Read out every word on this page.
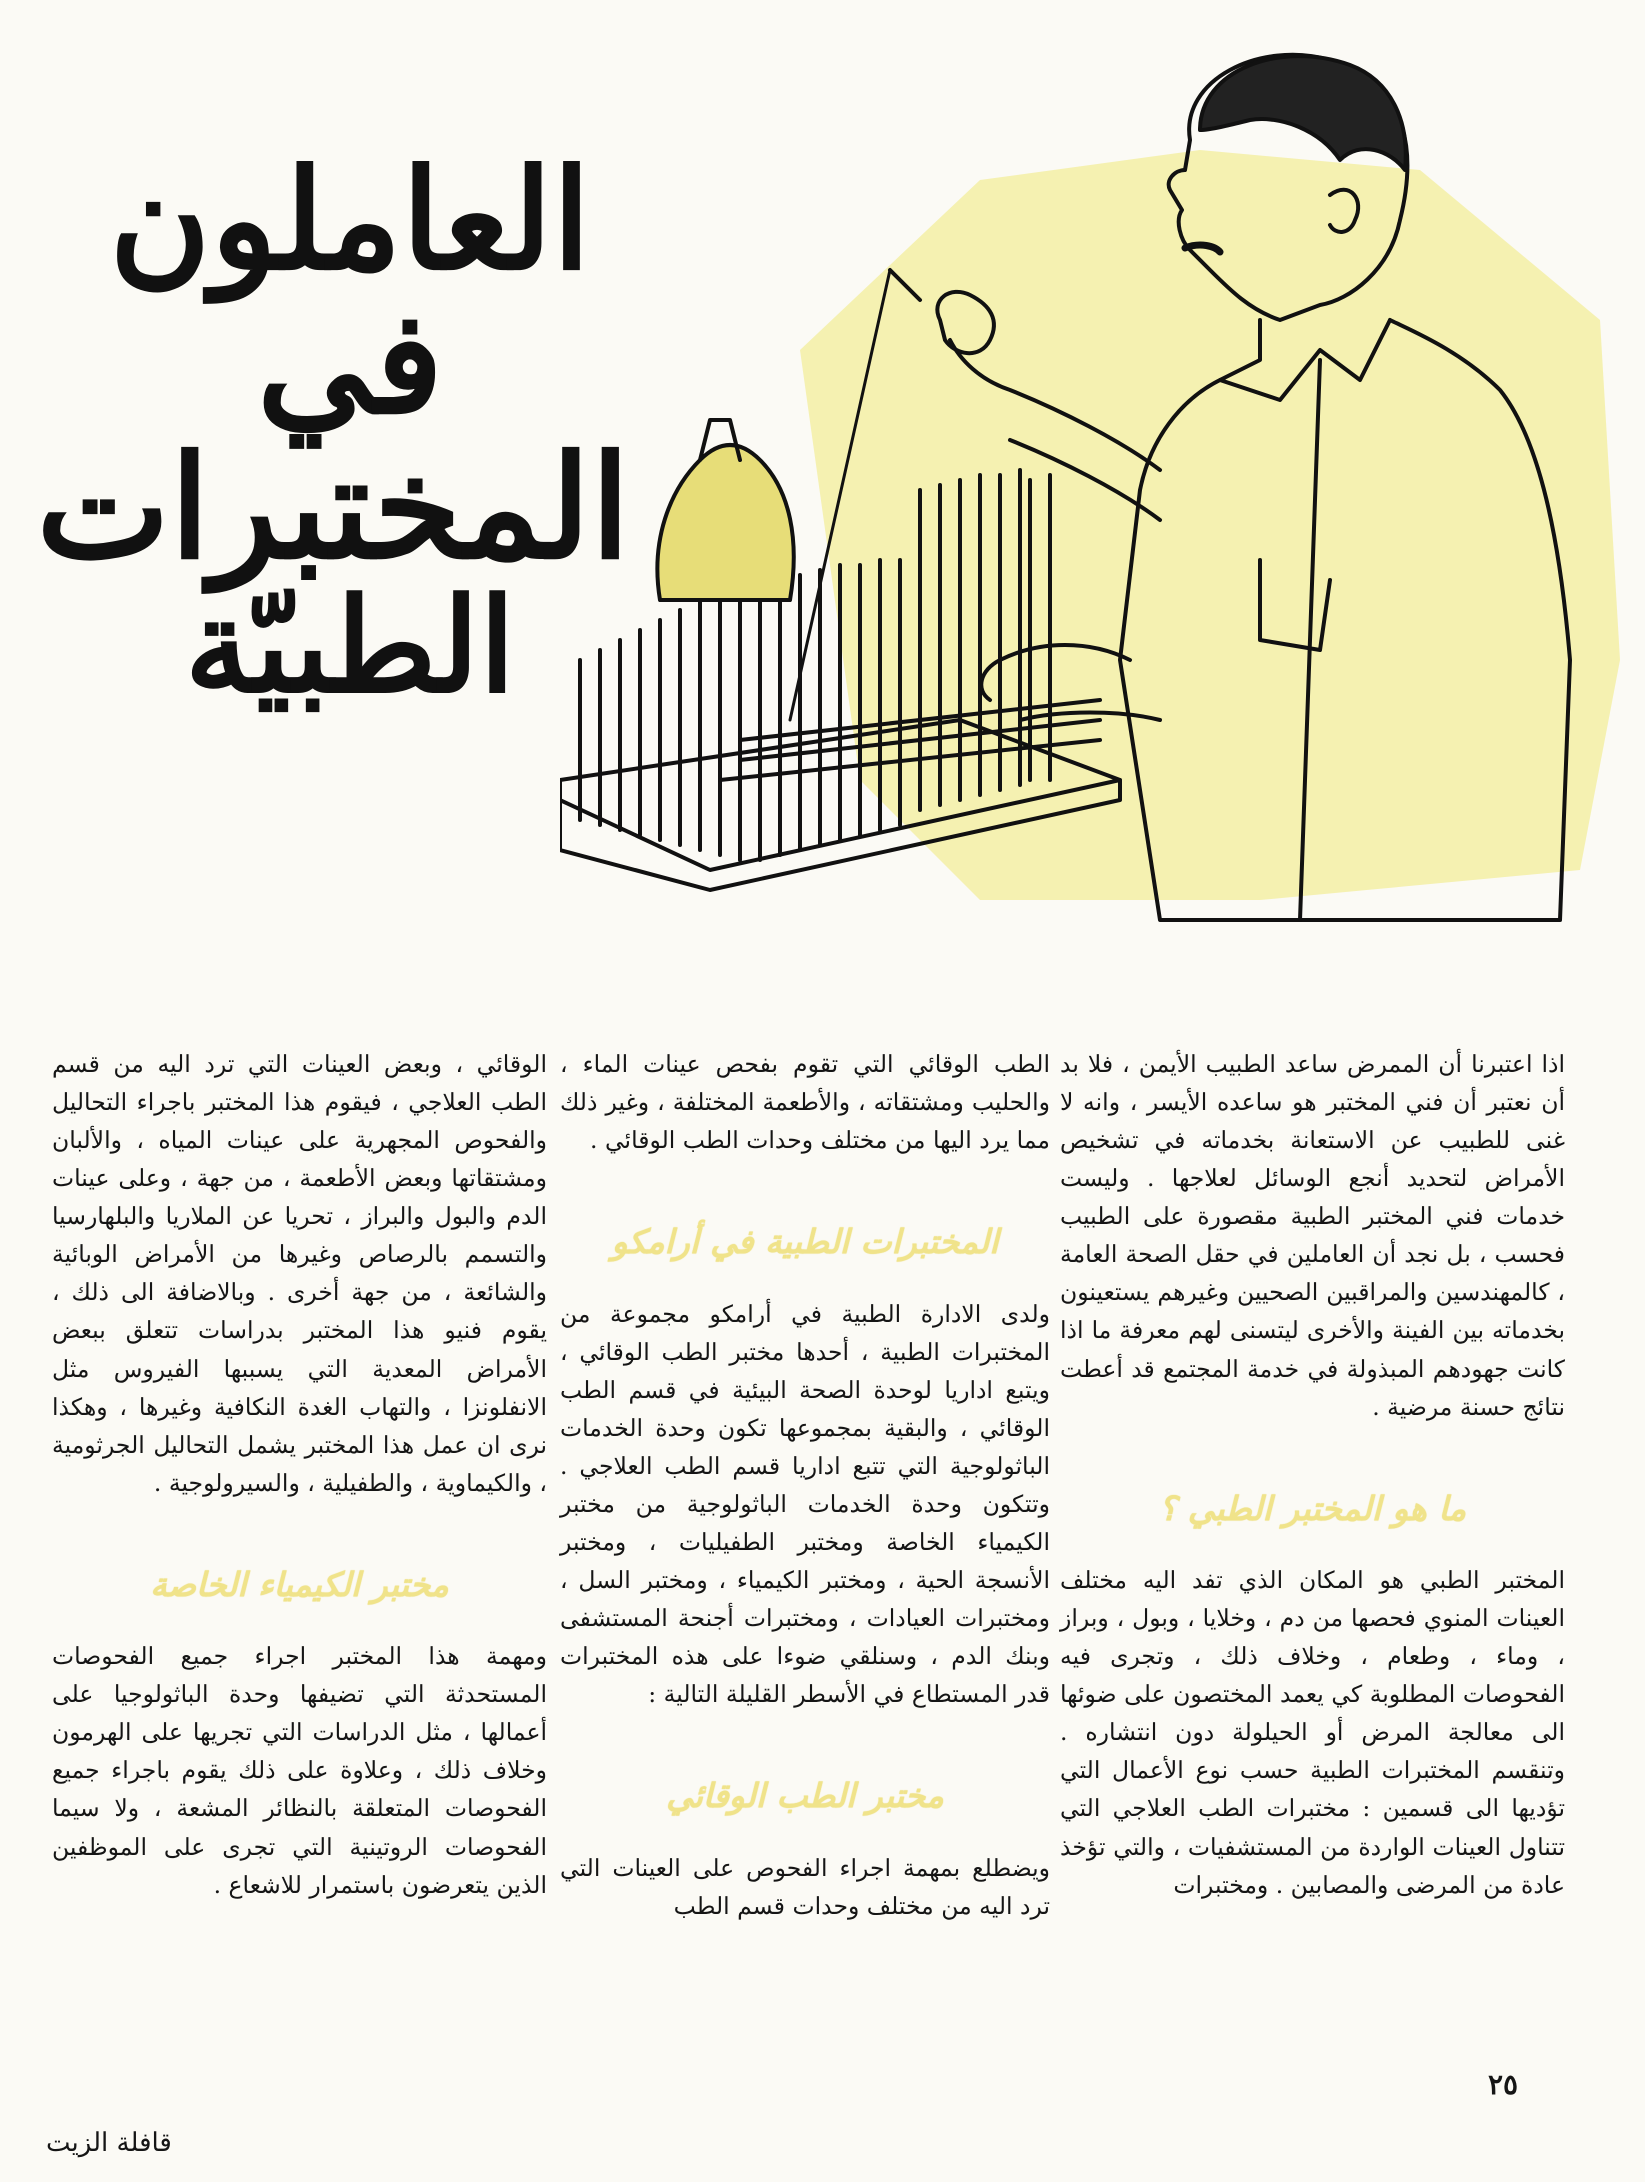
العاملون
في المختبرات
الطبيّة

اذا اعتبرنا أن الممرض ساعد الطبيب الأيمن ، فلا بد أن نعتبر أن فني المختبر هو ساعده الأيسر ، وانه لا غنى للطبيب عن الاستعانة بخدماته في تشخيص الأمراض لتحديد أنجع الوسائل لعلاجها . وليست خدمات فني المختبر الطبية مقصورة على الطبيب فحسب ، بل نجد أن العاملين في حقل الصحة العامة ، كالمهندسين والمراقبين الصحيين وغيرهم يستعينون بخدماته بين الفينة والأخرى ليتسنى لهم معرفة ما اذا كانت جهودهم المبذولة في خدمة المجتمع قد أعطت نتائج حسنة مرضية .

ما هو المختبر الطبي ؟

المختبر الطبي هو المكان الذي تفد اليه مختلف العينات المنوي فحصها من دم ، وخلايا ، وبول ، وبراز ، وماء ، وطعام ، وخلاف ذلك ، وتجرى فيه الفحوصات المطلوبة كي يعمد المختصون على ضوئها الى معالجة المرض أو الحيلولة دون انتشاره . وتنقسم المختبرات الطبية حسب نوع الأعمال التي تؤديها الى قسمين : مختبرات الطب العلاجي التي تتناول العينات الواردة من المستشفيات ، والتي تؤخذ عادة من المرضى والمصابين . ومختبرات

الطب الوقائي التي تقوم بفحص عينات الماء ، والحليب ومشتقاته ، والأطعمة المختلفة ، وغير ذلك مما يرد اليها من مختلف وحدات الطب الوقائي .

المختبرات الطبية في أرامكو

ولدى الادارة الطبية في أرامكو مجموعة من المختبرات الطبية ، أحدها مختبر الطب الوقائي ، ويتبع اداريا لوحدة الصحة البيئية في قسم الطب الوقائي ، والبقية بمجموعها تكون وحدة الخدمات الباثولوجية التي تتبع اداريا قسم الطب العلاجي . وتتكون وحدة الخدمات الباثولوجية من مختبر الكيمياء الخاصة ومختبر الطفيليات ، ومختبر الأنسجة الحية ، ومختبر الكيمياء ، ومختبر السل ، ومختبرات العيادات ، ومختبرات أجنحة المستشفى وبنك الدم ، وسنلقي ضوءا على هذه المختبرات قدر المستطاع في الأسطر القليلة التالية :

مختبر الطب الوقائي

ويضطلع بمهمة اجراء الفحوص على العينات التي ترد اليه من مختلف وحدات قسم الطب

الوقائي ، وبعض العينات التي ترد اليه من قسم الطب العلاجي ، فيقوم هذا المختبر باجراء التحاليل والفحوص المجهرية على عينات المياه ، والألبان ومشتقاتها وبعض الأطعمة ، من جهة ، وعلى عينات الدم والبول والبراز ، تحريا عن الملاريا والبلهارسيا والتسمم بالرصاص وغيرها من الأمراض الوبائية والشائعة ، من جهة أخرى . وبالاضافة الى ذلك ، يقوم فنيو هذا المختبر بدراسات تتعلق ببعض الأمراض المعدية التي يسببها الفيروس مثل الانفلونزا ، والتهاب الغدة النكافية وغيرها ، وهكذا نرى ان عمل هذا المختبر يشمل التحاليل الجرثومية ، والكيماوية ، والطفيلية ، والسيرولوجية .

مختبر الكيمياء الخاصة

ومهمة هذا المختبر اجراء جميع الفحوصات المستحدثة التي تضيفها وحدة الباثولوجيا على أعمالها ، مثل الدراسات التي تجريها على الهرمون وخلاف ذلك ، وعلاوة على ذلك يقوم باجراء جميع الفحوصات المتعلقة بالنظائر المشعة ، ولا سيما الفحوصات الروتينية التي تجرى على الموظفين الذين يتعرضون باستمرار للاشعاع .

٢٥
قافلة الزيت
